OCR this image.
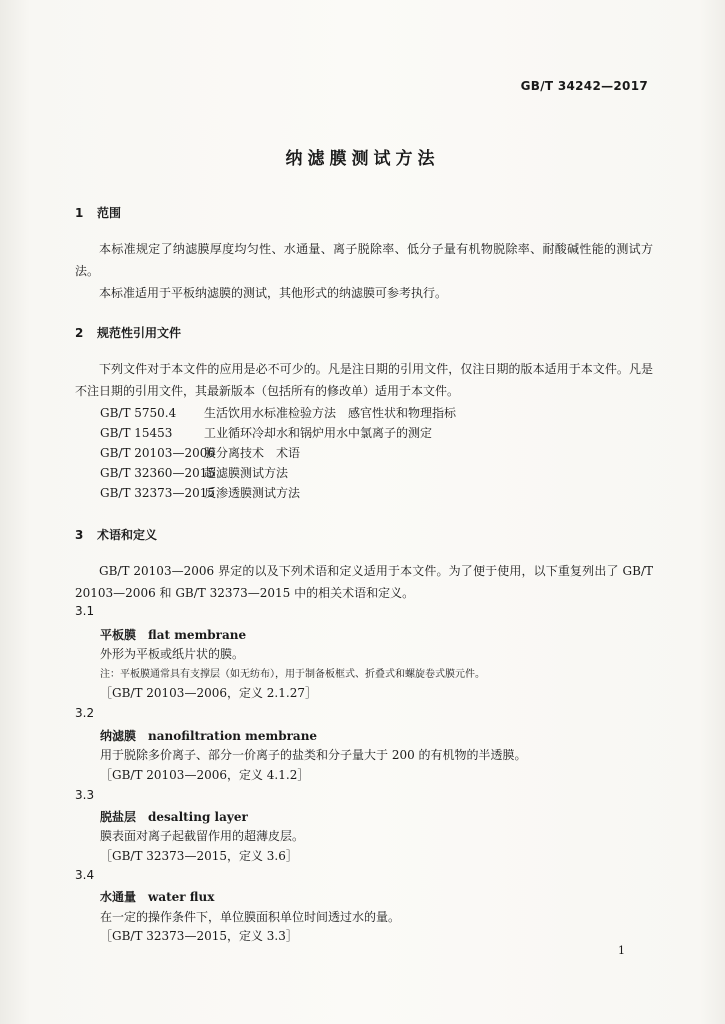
GB/T 34242—2017
纳滤膜测试方法
1 范围
本标准规定了纳滤膜厚度均匀性、水通量、离子脱除率、低分子量有机物脱除率、耐酸碱性能的测试方法。
本标准适用于平板纳滤膜的测试，其他形式的纳滤膜可参考执行。
2 规范性引用文件
下列文件对于本文件的应用是必不可少的。凡是注日期的引用文件，仅注日期的版本适用于本文件。凡是不注日期的引用文件，其最新版本（包括所有的修改单）适用于本文件。
GB/T 5750.4 生活饮用水标准检验方法　感官性状和物理指标
GB/T 15453	工业循环冷却水和锅炉用水中氯离子的测定
GB/T 20103—2006膜分离技术　术语
GB/T 32360—2015超滤膜测试方法
GB/T 32373—2015反渗透膜测试方法
3 术语和定义
GB/T 20103—2006 界定的以及下列术语和定义适用于本文件。为了便于使用，以下重复列出了 GB/T 20103—2006 和 GB/T 32373—2015 中的相关术语和定义。
3.1
平板膜 flat membrane
外形为平板或纸片状的膜。
注：平板膜通常具有支撑层（如无纺布），用于制备板框式、折叠式和螺旋卷式膜元件。
［GB/T 20103—2006，定义 2.1.27］
3.2
纳滤膜 nanofiltration membrane
用于脱除多价离子、部分一价离子的盐类和分子量大于 200 的有机物的半透膜。
［GB/T 20103—2006，定义 4.1.2］
3.3
脱盐层 desalting layer
膜表面对离子起截留作用的超薄皮层。
［GB/T 32373—2015，定义 3.6］
3.4
水通量 water flux
在一定的操作条件下，单位膜面积单位时间透过水的量。
［GB/T 32373—2015，定义 3.3］
1
